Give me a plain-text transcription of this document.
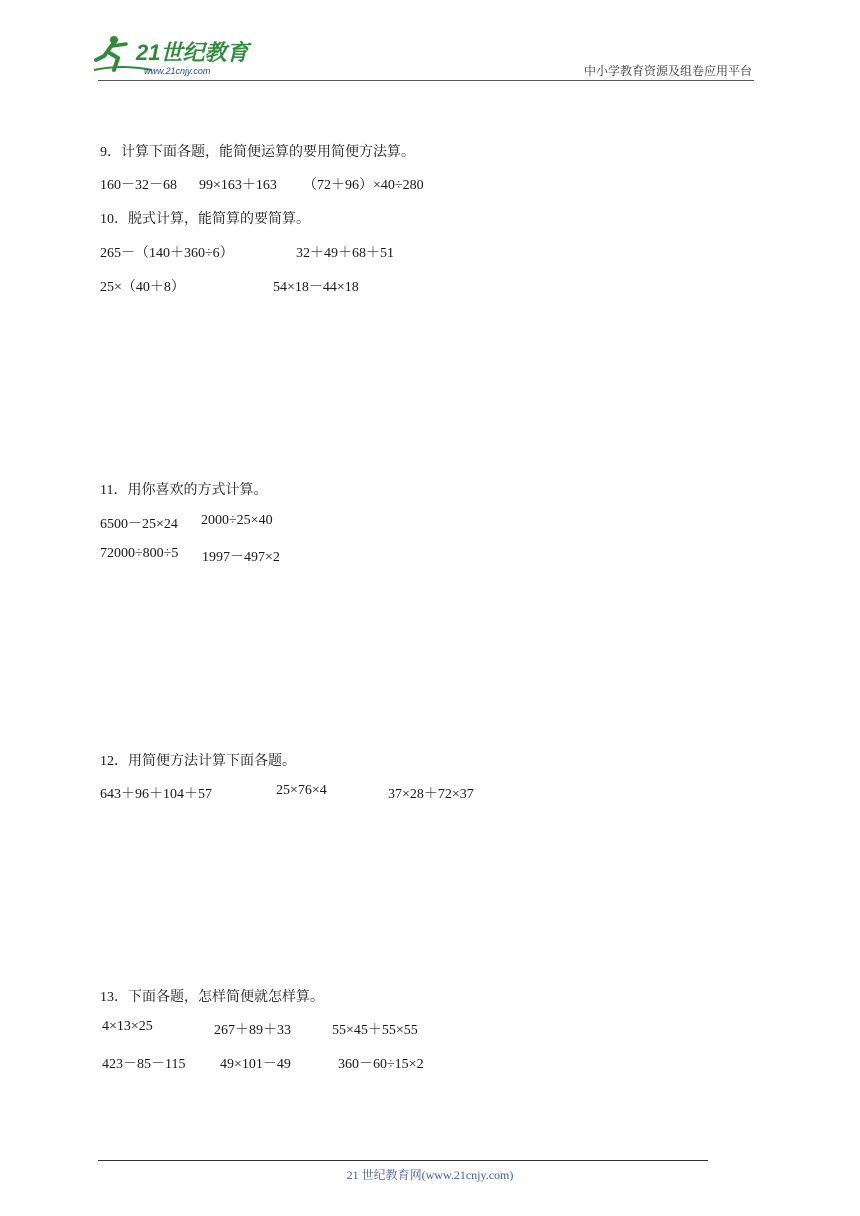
21世纪教育
www.21cnjy.com	中小学教育资源及组卷应用平台
9．计算下面各题，能简便运算的要用简便方法算。
160－32－68 99×163＋163 （72＋96）×40÷280
10．脱式计算，能简算的要简算。
265－（140＋360÷6）	32＋49＋68＋51
25×（40＋8）	54×18－44×18
11．用你喜欢的方式计算。
6500－25×24 2000÷25×40
72000÷800÷5 1997－497×2
12．用简便方法计算下面各题。
643＋96＋104＋57	25×76×4	37×28＋72×37
13．下面各题，怎样简便就怎样算。
4×13×25	267＋89＋33	55×45＋55×55
423－85－115 49×101－49	360－60÷15×2
21 世纪教育网(www.21cnjy.com)
